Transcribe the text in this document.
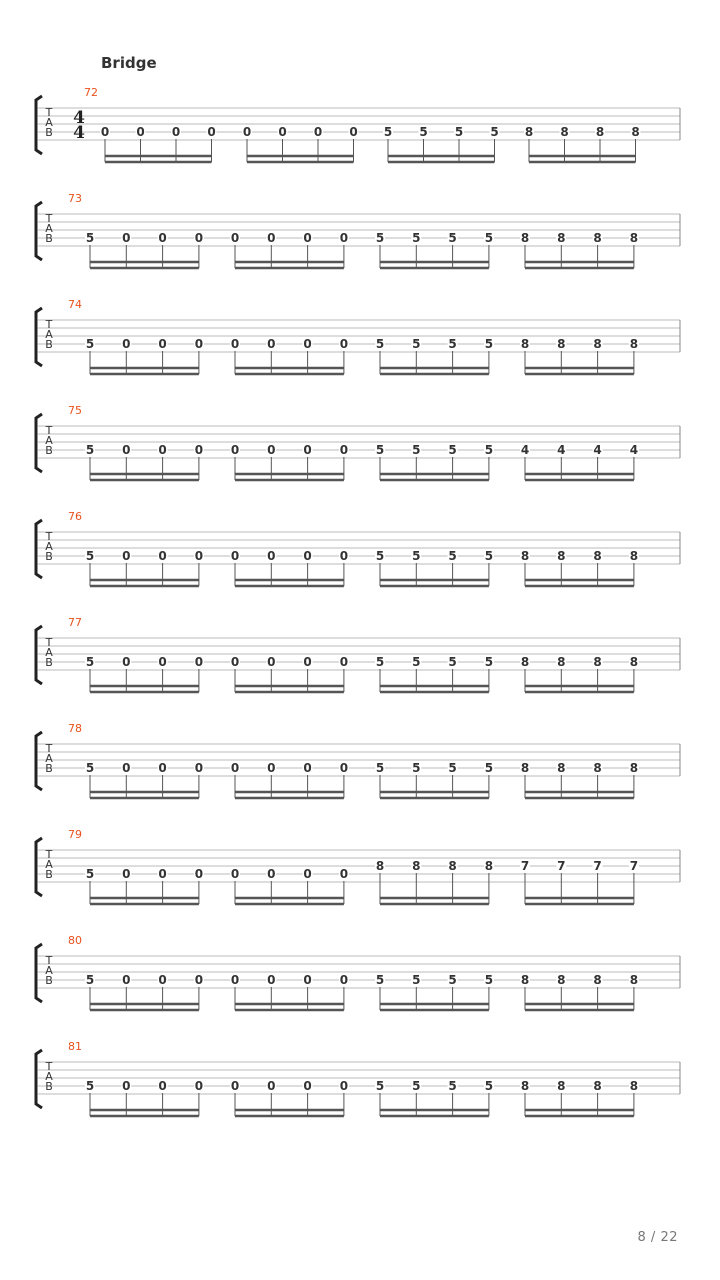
Bridge
T
A
B
72
4
4 0 0 0 0 0 0 0 0 5 5 5 5 8 8 8 8
T
A
B
73
5 0 0 0 0 0 0 0 5 5 5 5 8 8 8 8
T
A
B
74
5 0 0 0 0 0 0 0 5 5 5 5 8 8 8 8
T
A
B
75
5 0 0 0 0 0 0 0 5 5 5 5 4 4 4 4
T
A
B
76
5 0 0 0 0 0 0 0 5 5 5 5 8 8 8 8
T
A
B
77
5 0 0 0 0 0 0 0 5 5 5 5 8 8 8 8
T
A
B
78
5 0 0 0 0 0 0 0 5 5 5 5 8 8 8 8
T
A
B
79
5 0 0 0 0 0 0 0
8 8 8 8 7 7 7 7
T
A
B
80
5 0 0 0 0 0 0 0 5 5 5 5 8 8 8 8
T
A
B
81
5 0 0 0 0 0 0 0 5 5 5 5 8 8 8 8
8 / 22
